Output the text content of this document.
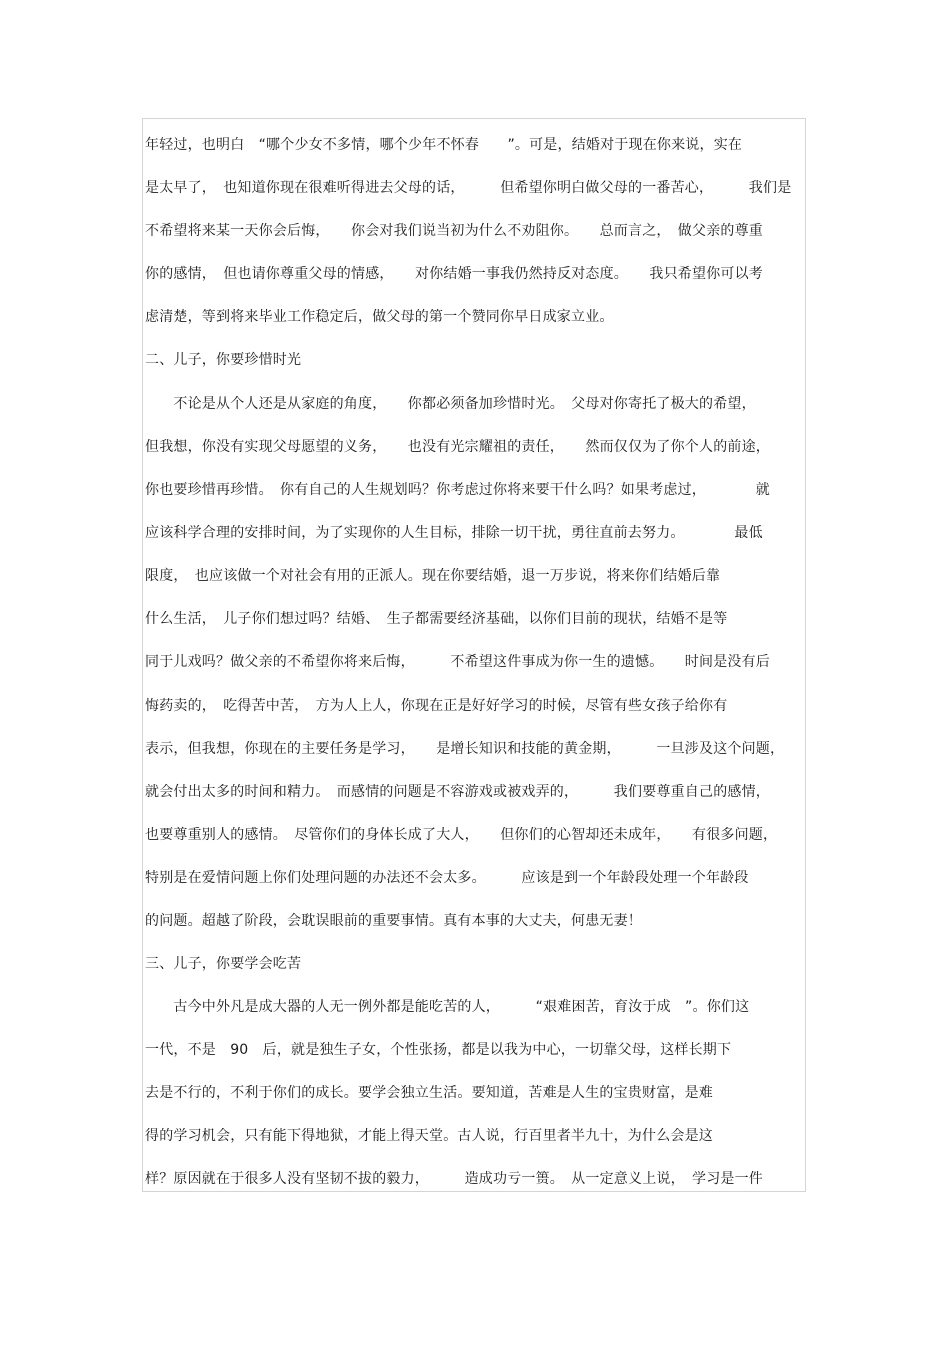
年轻过，也明白　“哪个少女不多情，哪个少年不怀春　　”。可是，结婚对于现在你来说，实在
是太早了，　也知道你现在很难听得进去父母的话，　　　但希望你明白做父母的一番苦心，　　　我们是
不希望将来某一天你会后悔，　　你会对我们说当初为什么不劝阻你。　　总而言之，　做父亲的尊重
你的感情，　但也请你尊重父母的情感，　　对你结婚一事我仍然持反对态度。　　我只希望你可以考
虑清楚，等到将来毕业工作稳定后，做父母的第一个赞同你早日成家立业。
二、儿子，你要珍惜时光
　　不论是从个人还是从家庭的角度，　　你都必须备加珍惜时光。　父母对你寄托了极大的希望，
但我想，你没有实现父母愿望的义务，　　也没有光宗耀祖的责任，　　然而仅仅为了你个人的前途，
你也要珍惜再珍惜。　你有自己的人生规划吗？你考虑过你将来要干什么吗？如果考虑过，　　　　就
应该科学合理的安排时间，为了实现你的人生目标，排除一切干扰，勇往直前去努力。　　　　最低
限度，　也应该做一个对社会有用的正派人。现在你要结婚，退一万步说，将来你们结婚后靠
什么生活，　儿子你们想过吗？结婚、　生子都需要经济基础，以你们目前的现状，结婚不是等
同于儿戏吗？做父亲的不希望你将来后悔，　　　不希望这件事成为你一生的遗憾。　　时间是没有后
悔药卖的，　吃得苦中苦，　方为人上人，你现在正是好好学习的时候，尽管有些女孩子给你有
表示，但我想，你现在的主要任务是学习，　　是增长知识和技能的黄金期，　　　一旦涉及这个问题，
就会付出太多的时间和精力。　而感情的问题是不容游戏或被戏弄的，　　　我们要尊重自己的感情，
也要尊重别人的感情。　尽管你们的身体长成了大人，　　但你们的心智却还未成年，　　有很多问题，
特别是在爱情问题上你们处理问题的办法还不会太多。　　　应该是到一个年龄段处理一个年龄段
的问题。超越了阶段，会耽误眼前的重要事情。真有本事的大丈夫，何患无妻！
三、儿子，你要学会吃苦
　　古今中外凡是成大器的人无一例外都是能吃苦的人，　　　“艰难困苦，育汝于成　”。你们这
一代，不是　90　后，就是独生子女，个性张扬，都是以我为中心，一切靠父母，这样长期下
去是不行的，不利于你们的成长。要学会独立生活。要知道，苦难是人生的宝贵财富，是难
得的学习机会，只有能下得地狱，才能上得天堂。古人说，行百里者半九十，为什么会是这
样？原因就在于很多人没有坚韧不拔的毅力，　　　造成功亏一篑。　从一定意义上说，　学习是一件
